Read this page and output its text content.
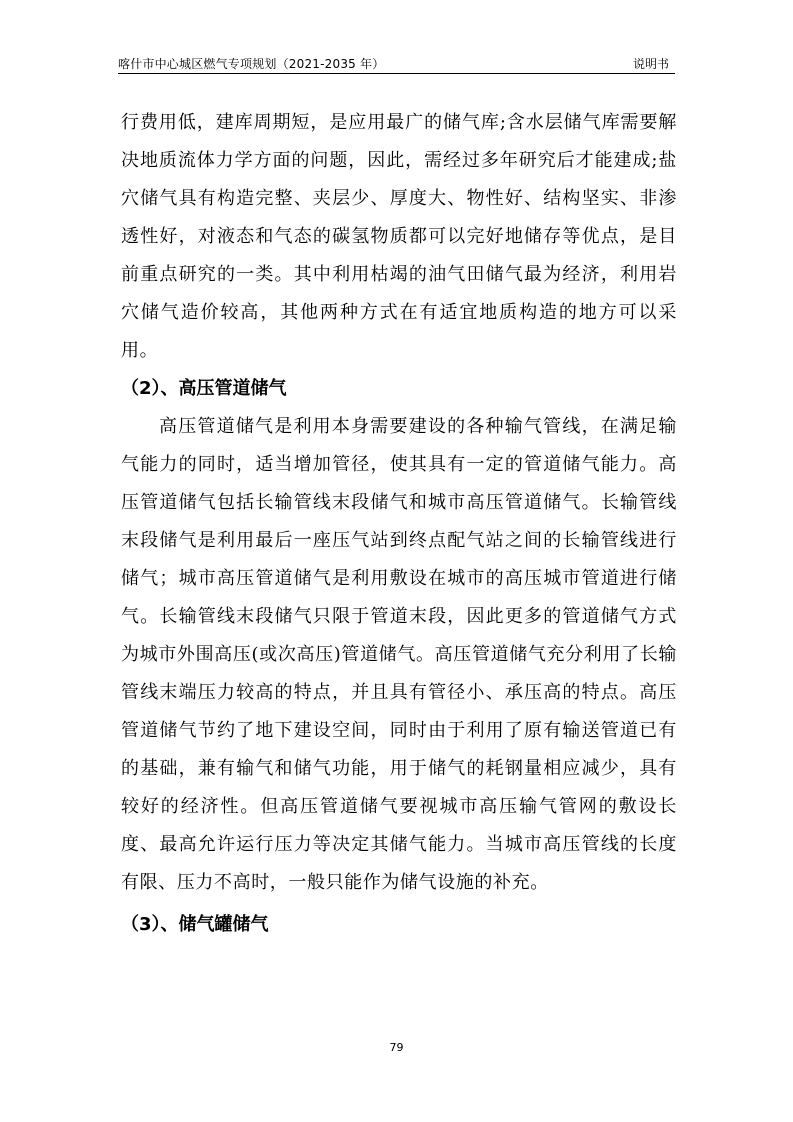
喀什市中心城区燃气专项规划（2021-2035 年）	说明书

行费用低，建库周期短，是应用最广的储气库;含水层储气库需要解决地质流体力学方面的问题，因此，需经过多年研究后才能建成;盐穴储气具有构造完整、夹层少、厚度大、物性好、结构坚实、非渗透性好，对液态和气态的碳氢物质都可以完好地储存等优点，是目前重点研究的一类。其中利用枯竭的油气田储气最为经济，利用岩穴储气造价较高，其他两种方式在有适宜地质构造的地方可以采用。

（2）、高压管道储气

高压管道储气是利用本身需要建设的各种输气管线，在满足输气能力的同时，适当增加管径，使其具有一定的管道储气能力。高压管道储气包括长输管线末段储气和城市高压管道储气。长输管线末段储气是利用最后一座压气站到终点配气站之间的长输管线进行储气；城市高压管道储气是利用敷设在城市的高压城市管道进行储气。长输管线末段储气只限于管道末段，因此更多的管道储气方式为城市外围高压(或次高压)管道储气。高压管道储气充分利用了长输管线末端压力较高的特点，并且具有管径小、承压高的特点。高压管道储气节约了地下建设空间，同时由于利用了原有输送管道已有的基础，兼有输气和储气功能，用于储气的耗钢量相应减少，具有较好的经济性。但高压管道储气要视城市高压输气管网的敷设长度、最高允许运行压力等决定其储气能力。当城市高压管线的长度有限、压力不高时，一般只能作为储气设施的补充。

（3）、储气罐储气
79
